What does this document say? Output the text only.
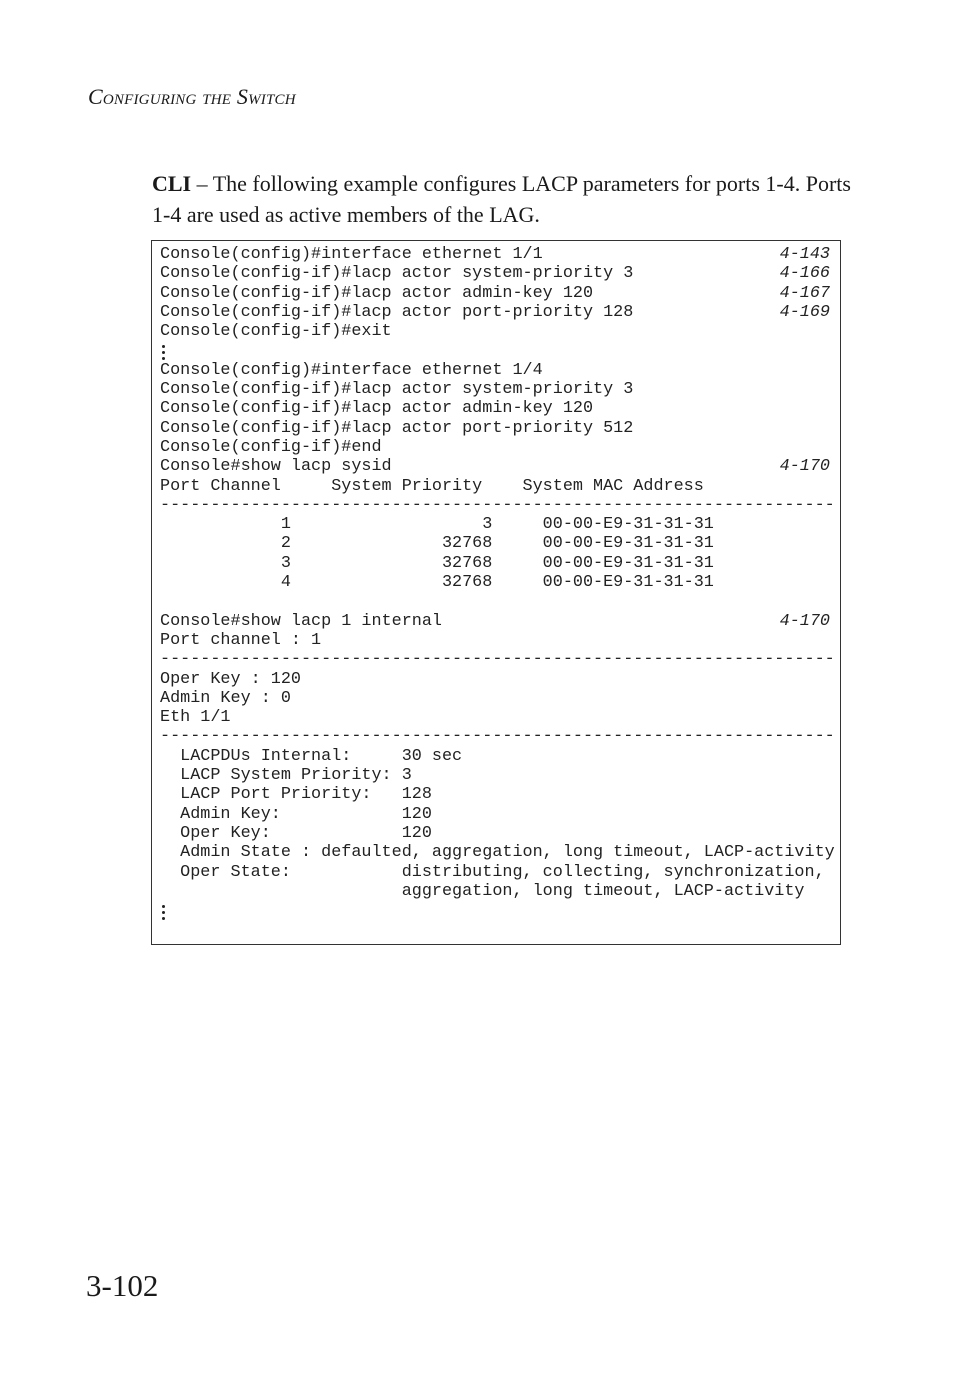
Configuring the Switch
CLI – The following example configures LACP parameters for ports 1-4. Ports 1-4 are used as active members of the LAG.
Console(config)#interface ethernet 1/1	4-143
Console(config-if)#lacp actor system-priority 3	4-166
Console(config-if)#lacp actor admin-key 120	4-167
Console(config-if)#lacp actor port-priority 128	4-169
Console(config-if)#exit
Console(config)#interface ethernet 1/4
Console(config-if)#lacp actor system-priority 3
Console(config-if)#lacp actor admin-key 120
Console(config-if)#lacp actor port-priority 512
Console(config-if)#end
Console#show lacp sysid	4-170
Port Channel     System Priority    System MAC Address
-------------------------------------------------------------------
1                   3     00-00-E9-31-31-31
2               32768     00-00-E9-31-31-31
3               32768     00-00-E9-31-31-31
4               32768     00-00-E9-31-31-31
Console#show lacp 1 internal	4-170
Port channel : 1
-------------------------------------------------------------------
Oper Key : 120
Admin Key : 0
Eth 1/1
-------------------------------------------------------------------
LACPDUs Internal:     30 sec
LACP System Priority: 3
LACP Port Priority:   128
Admin Key:            120
Oper Key:             120
Admin State : defaulted, aggregation, long timeout, LACP-activity
Oper State:           distributing, collecting, synchronization,
aggregation, long timeout, LACP-activity
3-102
